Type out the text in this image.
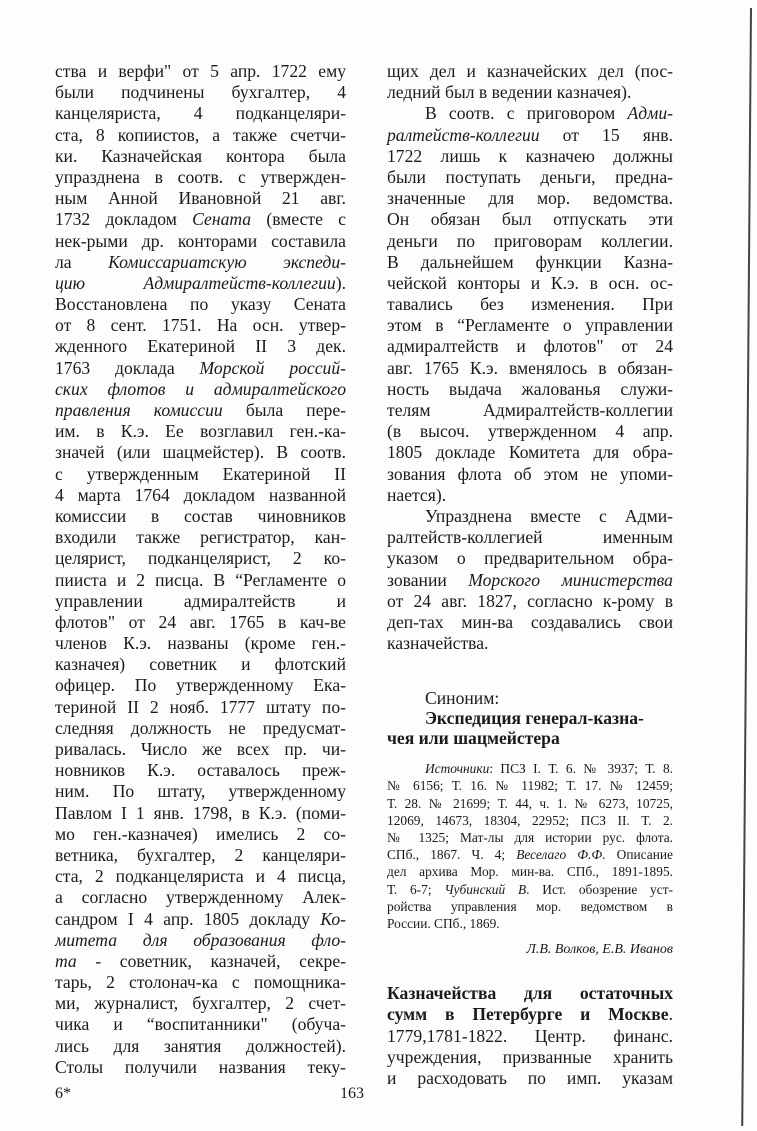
ства и верфи" от 5 апр. 1722 ему
были подчинены бухгалтер, 4
канцеляриста, 4 подканцеляри-
ста, 8 копиистов, а также счетчи-
ки. Казначейская контора была
упразднена в соотв. с утвержден-
ным Анной Ивановной 21 авг.
1732 докладом Сената (вместе с
нек-рыми др. конторами составила
ла Комиссариатскую экспеди-
цию Адмиралтейств-коллегии).
Восстановлена по указу Сената
от 8 сент. 1751. На осн. утвер-
жденного Екатериной II 3 дек.
1763 доклада Морской россий-
ских флотов и адмиралтейского
правления комиссии была пере-
им. в К.э. Ее возглавил ген.-ка-
значей (или шацмейстер). В соотв.
с утвержденным Екатериной II
4 марта 1764 докладом названной
комиссии в состав чиновников
входили также регистратор, кан-
целярист, подканцелярист, 2 ко-
пииста и 2 писца. В “Регламенте о
управлении адмиралтейств и
флотов" от 24 авг. 1765 в кач-ве
членов К.э. названы (кроме ген.-
казначея) советник и флотский
офицер. По утвержденному Ека-
териной II 2 нояб. 1777 штату по-
следняя должность не предусмат-
ривалась. Число же всех пр. чи-
новников К.э. оставалось преж-
ним. По штату, утвержденному
Павлом I 1 янв. 1798, в К.э. (поми-
мо ген.-казначея) имелись 2 со-
ветника, бухгалтер, 2 канцеляри-
ста, 2 подканцеляриста и 4 писца,
а согласно утвержденному Алек-
сандром I 4 апр. 1805 докладу Ко-
митета для образования фло-
та - советник, казначей, секре-
тарь, 2 столонач-ка с помощника-
ми, журналист, бухгалтер, 2 счет-
чика и “воспитанники" (обуча-
лись для занятия должностей).
Столы получили названия теку-
щих дел и казначейских дел (пос-
ледний был в ведении казначея).
В соотв. с приговором Адми-
ралтейств-коллегии от 15 янв.
1722 лишь к казначею должны
были поступать деньги, предна-
значенные для мор. ведомства.
Он обязан был отпускать эти
деньги по приговорам коллегии.
В дальнейшем функции Казна-
чейской конторы и К.э. в осн. ос-
тавались без изменения. При
этом в “Регламенте о управлении
адмиралтейств и флотов" от 24
авг. 1765 К.э. вменялось в обязан-
ность выдача жалованья служи-
телям Адмиралтейств-коллегии
(в высоч. утвержденном 4 апр.
1805 докладе Комитета для обра-
зования флота об этом не упоми-
нается).
Упразднена вместе с Адми-
ралтейств-коллегией именным
указом о предварительном обра-
зовании Морского министерства
от 24 авг. 1827, согласно к-рому в
деп-тах мин-ва создавались свои
казначейства.
Синоним:
Экспедиция генерал-казна-
чея или шацмейстера
Источники: ПСЗ I. Т. 6. № 3937; Т. 8.
№ 6156; Т. 16. № 11982; Т. 17. № 12459;
Т. 28. № 21699; Т. 44, ч. 1. № 6273, 10725,
12069, 14673, 18304, 22952; ПСЗ II. Т. 2.
№ 1325; Мат-лы для истории рус. флота.
СПб., 1867. Ч. 4; Веселаго Ф.Ф. Описание
дел архива Мор. мин-ва. СПб., 1891-1895.
Т. 6-7; Чубинский В. Ист. обозрение уст-
ройства управления мор. ведомством в
России. СПб., 1869.
Л.В. Волков, Е.В. Иванов
Казначейства для остаточных
сумм в Петербурге и Москве.
1779,1781-1822. Центр. финанс.
учреждения, призванные хранить
и расходовать по имп. указам
6*	163
